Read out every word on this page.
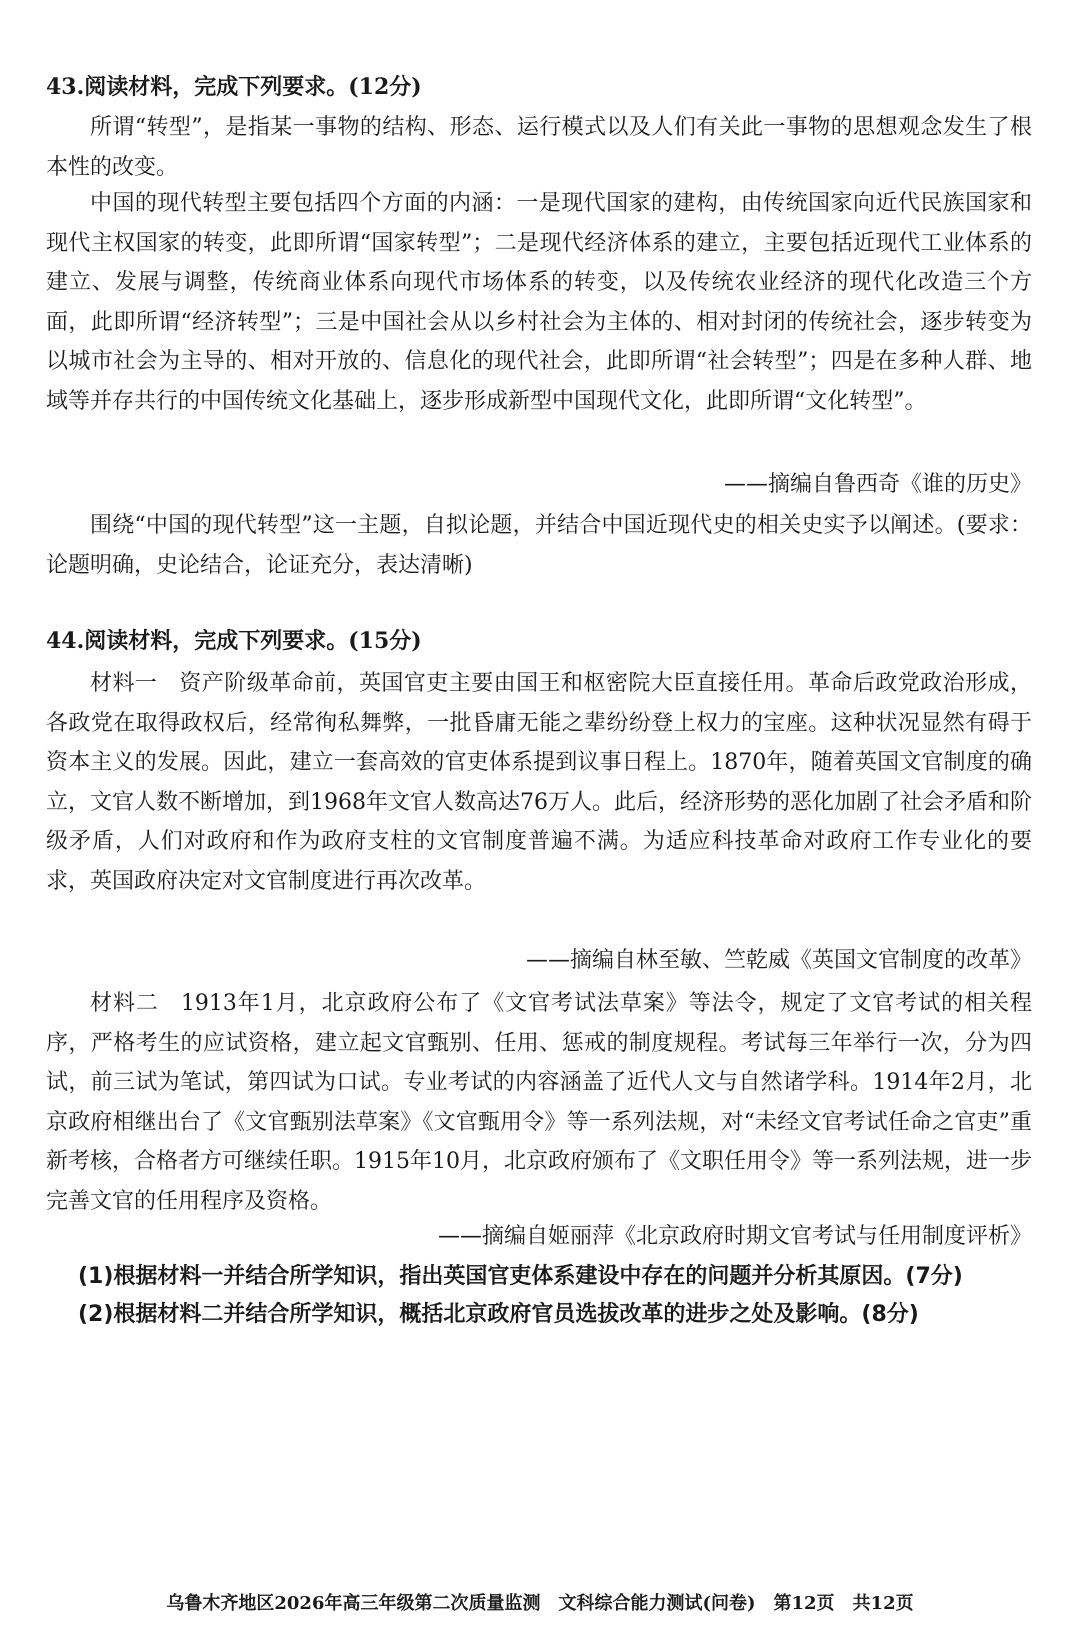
43.阅读材料，完成下列要求。(12分)

所谓“转型”，是指某一事物的结构、形态、运行模式以及人们有关此一事物的思想观念发生了根本性的改变。

中国的现代转型主要包括四个方面的内涵：一是现代国家的建构，由传统国家向近代民族国家和现代主权国家的转变，此即所谓“国家转型”；二是现代经济体系的建立，主要包括近现代工业体系的建立、发展与调整，传统商业体系向现代市场体系的转变，以及传统农业经济的现代化改造三个方面，此即所谓“经济转型”；三是中国社会从以乡村社会为主体的、相对封闭的传统社会，逐步转变为以城市社会为主导的、相对开放的、信息化的现代社会，此即所谓“社会转型”；四是在多种人群、地域等并存共行的中国传统文化基础上，逐步形成新型中国现代文化，此即所谓“文化转型”。

——摘编自鲁西奇《谁的历史》

围绕“中国的现代转型”这一主题，自拟论题，并结合中国近现代史的相关史实予以阐述。(要求：论题明确，史论结合，论证充分，表达清晰)

44.阅读材料，完成下列要求。(15分)

材料一 资产阶级革命前，英国官吏主要由国王和枢密院大臣直接任用。革命后政党政治形成，各政党在取得政权后，经常徇私舞弊，一批昏庸无能之辈纷纷登上权力的宝座。这种状况显然有碍于资本主义的发展。因此，建立一套高效的官吏体系提到议事日程上。1870年，随着英国文官制度的确立，文官人数不断增加，到1968年文官人数高达76万人。此后，经济形势的恶化加剧了社会矛盾和阶级矛盾，人们对政府和作为政府支柱的文官制度普遍不满。为适应科技革命对政府工作专业化的要求，英国政府决定对文官制度进行再次改革。

——摘编自林至敏、竺乾威《英国文官制度的改革》

材料二 1913年1月，北京政府公布了《文官考试法草案》等法令，规定了文官考试的相关程序，严格考生的应试资格，建立起文官甄别、任用、惩戒的制度规程。考试每三年举行一次，分为四试，前三试为笔试，第四试为口试。专业考试的内容涵盖了近代人文与自然诸学科。1914年2月，北京政府相继出台了《文官甄别法草案》《文官甄用令》等一系列法规，对“未经文官考试任命之官吏”重新考核，合格者方可继续任职。1915年10月，北京政府颁布了《文职任用令》等一系列法规，进一步完善文官的任用程序及资格。

——摘编自姬丽萍《北京政府时期文官考试与任用制度评析》
(1)根据材料一并结合所学知识，指出英国官吏体系建设中存在的问题并分析其原因。(7分)
(2)根据材料二并结合所学知识，概括北京政府官员选拔改革的进步之处及影响。(8分)
乌鲁木齐地区2026年高三年级第二次质量监测　文科综合能力测试(问卷)　第12页　共12页
